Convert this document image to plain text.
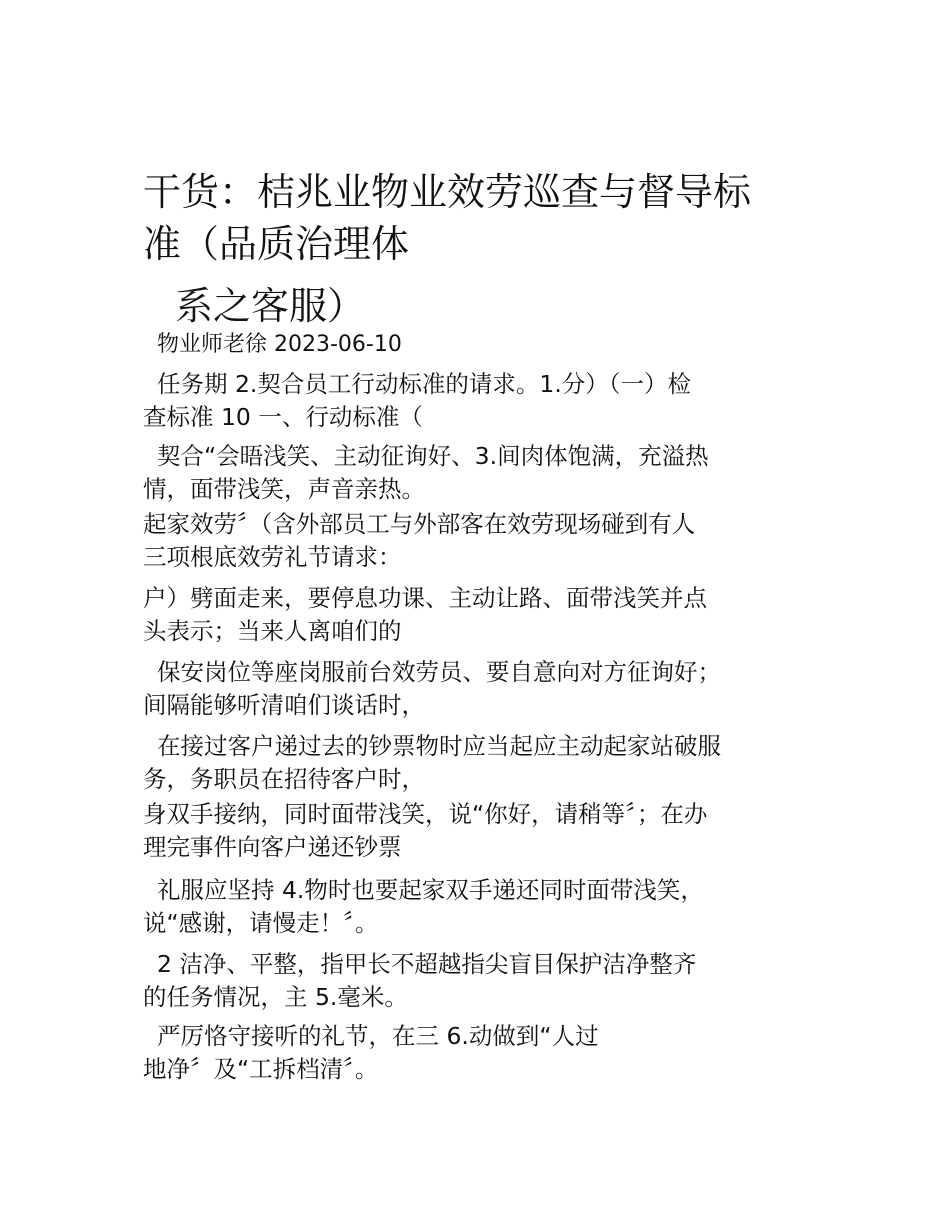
干货：桔兆业物业效劳巡查与督导标
准（品质治理体
系之客服）
物业师老徐 2023-06-10
任务期 2.契合员工行动标准的请求。1.分）（一）检
查标准 10 一、行动标准（
契合“会晤浅笑、主动征询好、3.间肉体饱满，充溢热
情，面带浅笑，声音亲热。
起家效劳〞（含外部员工与外部客在效劳现场碰到有人
三项根底效劳礼节请求：
户）劈面走来，要停息功课、主动让路、面带浅笑并点
头表示；当来人离咱们的
保安岗位等座岗服前台效劳员、要自意向对方征询好；
间隔能够听清咱们谈话时，
在接过客户递过去的钞票物时应当起应主动起家站破服
务，务职员在招待客户时，
身双手接纳，同时面带浅笑，说“你好，请稍等〞；在办
理完事件向客户递还钞票
礼服应坚持 4.物时也要起家双手递还同时面带浅笑，
说“感谢，请慢走！〞。
2 洁净、平整，指甲长不超越指尖盲目保护洁净整齐
的任务情况，主 5.毫米。
严厉恪守接听的礼节，在三 6.动做到“人过
地净〞及“工拆档清〞。
